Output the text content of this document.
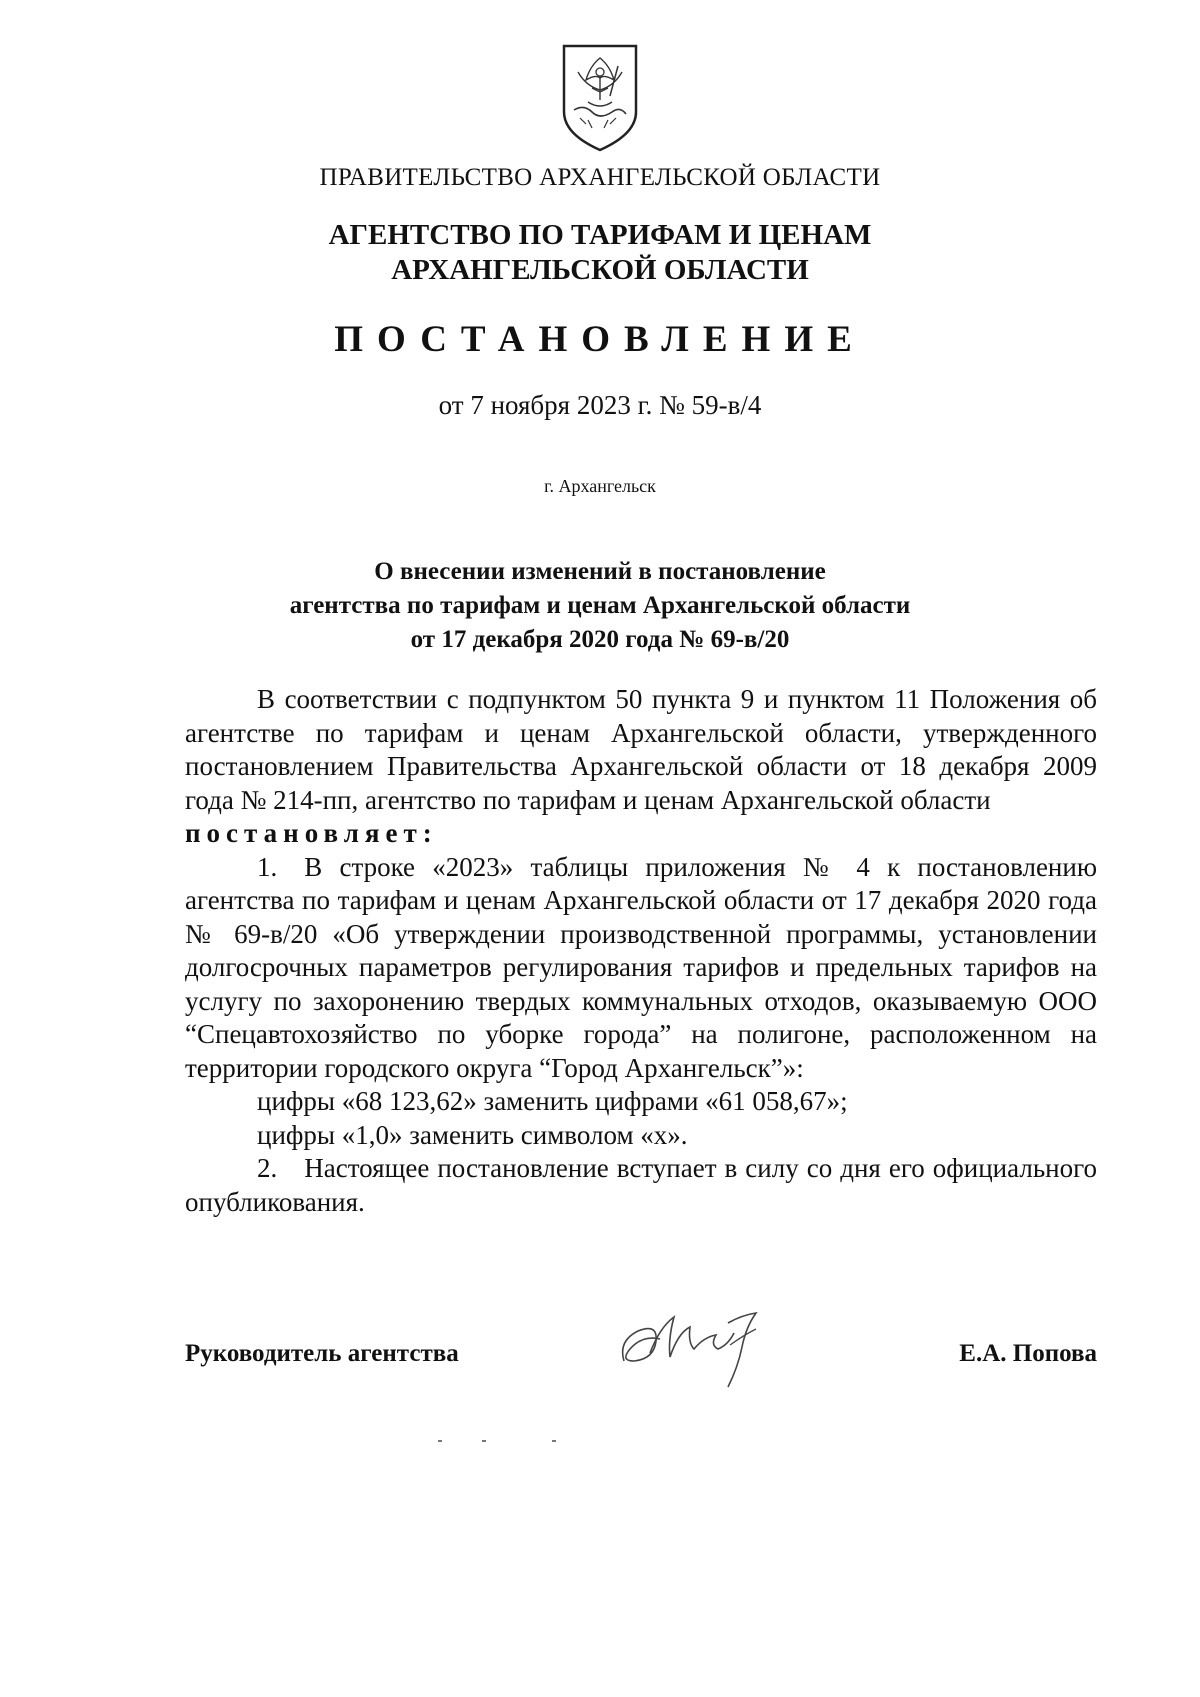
ПРАВИТЕЛЬСТВО АРХАНГЕЛЬСКОЙ ОБЛАСТИ
АГЕНТСТВО ПО ТАРИФАМ И ЦЕНАМ
АРХАНГЕЛЬСКОЙ ОБЛАСТИ
ПОСТАНОВЛЕНИЕ
от 7 ноября 2023 г. № 59-в/4
г. Архангельск
О внесении изменений в постановление
агентства по тарифам и ценам Архангельской области
от 17 декабря 2020 года № 69-в/20

В соответствии с подпунктом 50 пункта 9 и пунктом 11 Положения об агентстве по тарифам и ценам Архангельской области, утвержденного постановлением Правительства Архангельской области от 18 декабря 2009 года № 214-пп, агентство по тарифам и ценам Архангельской области

постановляет:

1. В строке «2023» таблицы приложения № 4 к постановлению агентства по тарифам и ценам Архангельской области от 17 декабря 2020 года № 69-в/20 «Об утверждении производственной программы, установлении долгосрочных параметров регулирования тарифов и предельных тарифов на услугу по захоронению твердых коммунальных отходов, оказываемую ООО “Спецавтохозяйство по уборке города” на полигоне, расположенном на территории городского округа “Город Архангельск”»:

цифры «68 123,62» заменить цифрами «61 058,67»;

цифры «1,0» заменить символом «х».

2. Настоящее постановление вступает в силу со дня его официального опубликования.

Руководитель агентства	Е.А. Попова
